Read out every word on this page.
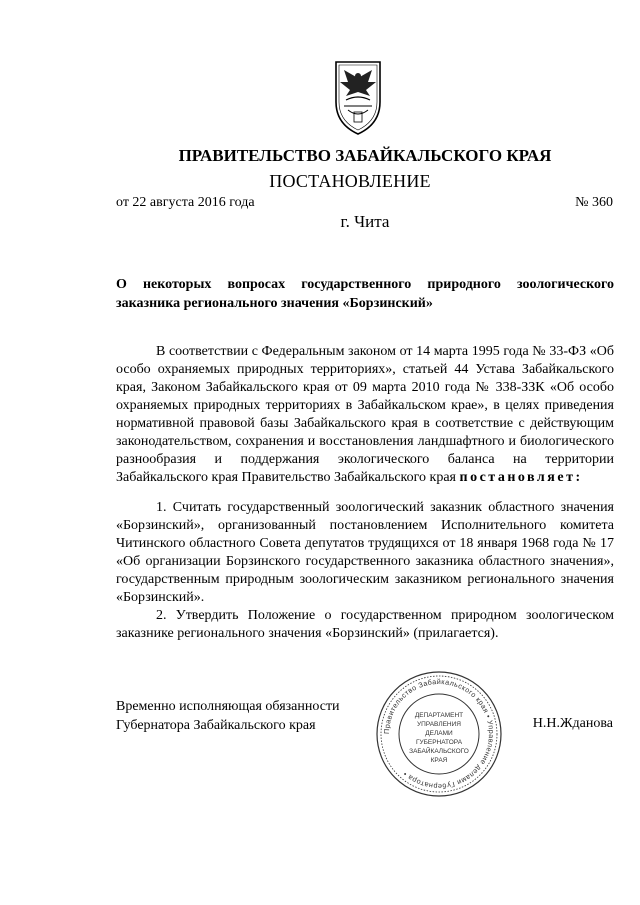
ПРАВИТЕЛЬСТВО ЗАБАЙКАЛЬСКОГО КРАЯ
ПОСТАНОВЛЕНИЕ
от 22 августа 2016 года	№ 360
г. Чита
О некоторых вопросах государственного природного зоологического заказника регионального значения «Борзинский»

В соответствии с Федеральным законом от 14 марта 1995 года № 33-ФЗ «Об особо охраняемых природных территориях», статьей 44 Устава Забайкальского края, Законом Забайкальского края от 09 марта 2010 года № 338-ЗЗК «Об особо охраняемых природных территориях в Забайкальском крае», в целях приведения нормативной правовой базы Забайкальского края в соответствие с действующим законодательством, сохранения и восстановления ландшафтного и биологического разнообразия и поддержания экологического баланса на территории Забайкальского края Правительство Забайкальского края постановляет:

1. Считать государственный зоологический заказник областного значения «Борзинский», организованный постановлением Исполнительного комитета Читинского областного Совета депутатов трудящихся от 18 января 1968 года № 17 «Об организации Борзинского государственного заказника областного значения», государственным природным зоологическим заказником регионального значения «Борзинский».

2. Утвердить Положение о государственном природном зоологическом заказнике регионального значения «Борзинский» (прилагается).

Временно исполняющая обязанности
Губернатора Забайкальского края	Н.Н.Жданова
Правительство Забайкальского края • Управление делами Губернатора •
ДЕПАРТАМЕНТ
УПРАВЛЕНИЯ
ДЕЛАМИ
ГУБЕРНАТОРА
ЗАБАЙКАЛЬСКОГО
КРАЯ
